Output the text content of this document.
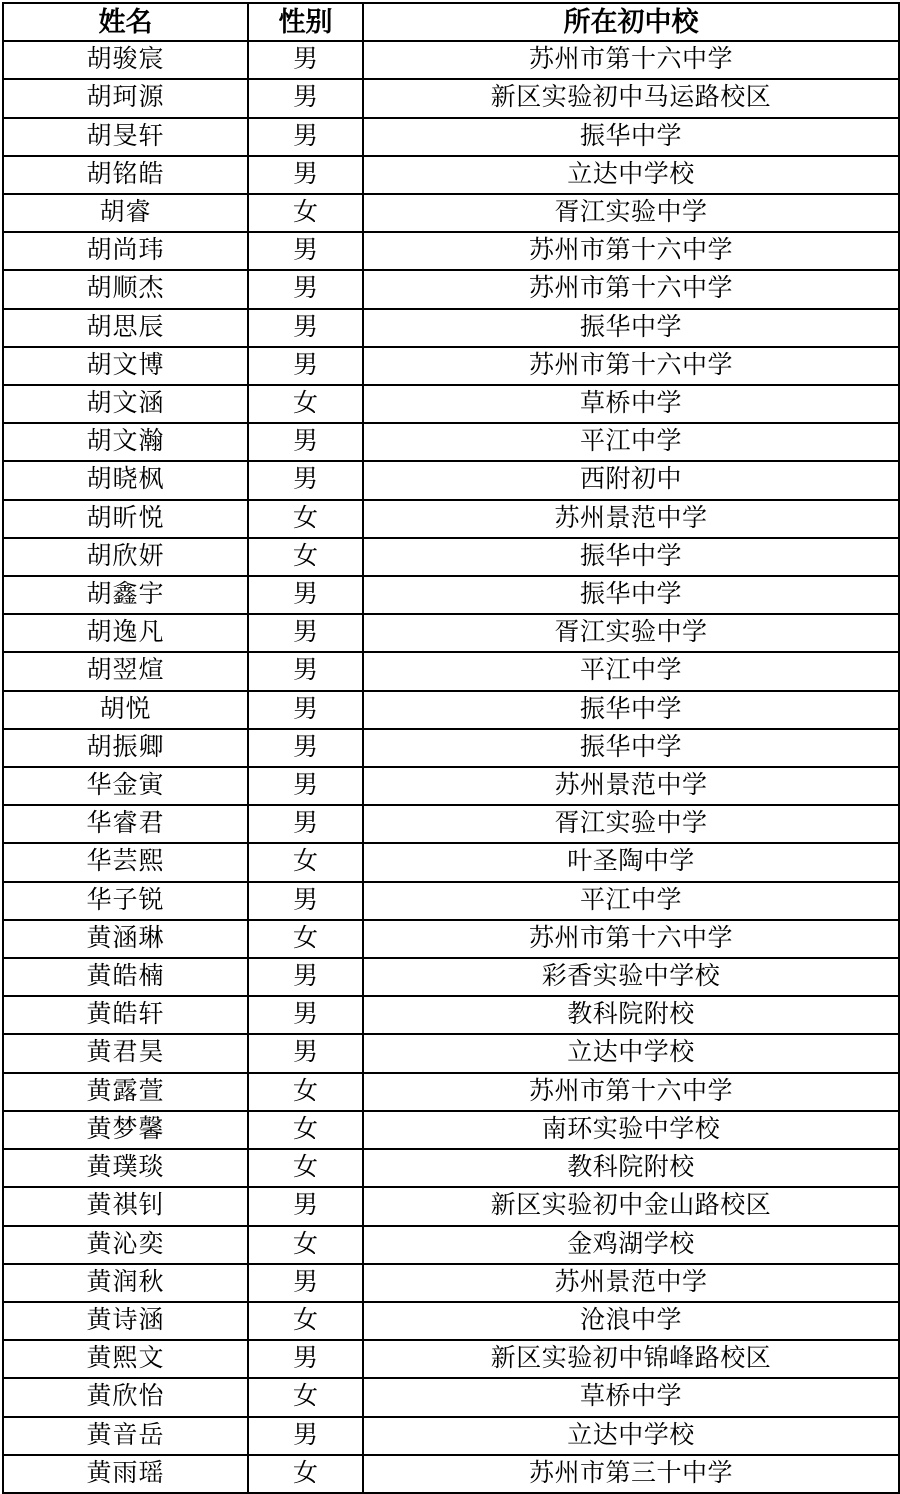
姓名	性别	所在初中校
胡骏宸	男	苏州市第十六中学
胡珂源	男	新区实验初中马运路校区
胡旻轩	男	振华中学
胡铭皓	男	立达中学校
胡睿	女	胥江实验中学
胡尚玮	男	苏州市第十六中学
胡顺杰	男	苏州市第十六中学
胡思辰	男	振华中学
胡文博	男	苏州市第十六中学
胡文涵	女	草桥中学
胡文瀚	男	平江中学
胡晓枫	男	西附初中
胡昕悦	女	苏州景范中学
胡欣妍	女	振华中学
胡鑫宇	男	振华中学
胡逸凡	男	胥江实验中学
胡翌煊	男	平江中学
胡悦	男	振华中学
胡振卿	男	振华中学
华金寅	男	苏州景范中学
华睿君	男	胥江实验中学
华芸熙	女	叶圣陶中学
华子锐	男	平江中学
黄涵琳	女	苏州市第十六中学
黄皓楠	男	彩香实验中学校
黄皓轩	男	教科院附校
黄君昊	男	立达中学校
黄露萱	女	苏州市第十六中学
黄梦馨	女	南环实验中学校
黄璞琰	女	教科院附校
黄祺钊	男	新区实验初中金山路校区
黄沁奕	女	金鸡湖学校
黄润秋	男	苏州景范中学
黄诗涵	女	沧浪中学
黄熙文	男	新区实验初中锦峰路校区
黄欣怡	女	草桥中学
黄音岳	男	立达中学校
黄雨瑶	女	苏州市第三十中学
